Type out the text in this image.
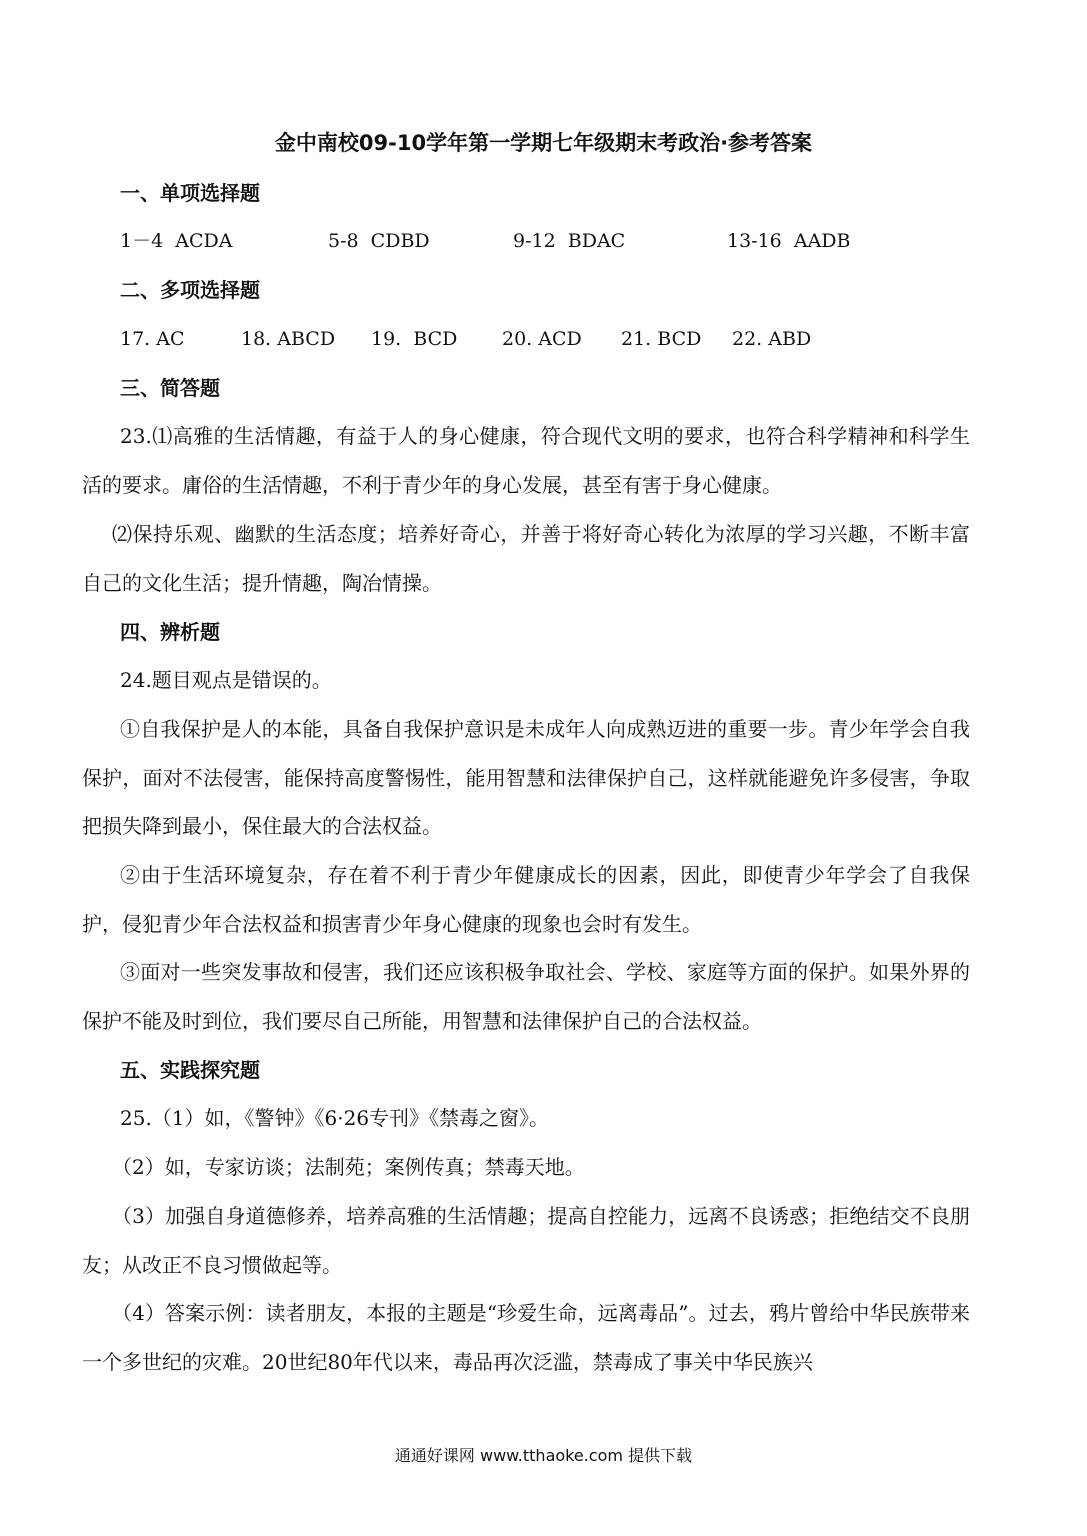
金中南校09-10学年第一学期七年级期末考政治·参考答案
一、单项选择题

1－4  ACDA

	5-8  CDBD

	9-12  BDAC

	13-16  AADB

二、多项选择题

17. AC

	18. ABCD

19.  BCD

20. ACD

21. BCD

22. ABD

三、简答题

23.⑴高雅的生活情趣，有益于人的身心健康，符合现代文明的要求，也符合科学精神和科学生活的要求。庸俗的生活情趣，不利于青少年的身心发展，甚至有害于身心健康。

⑵保持乐观、幽默的生活态度；培养好奇心，并善于将好奇心转化为浓厚的学习兴趣，不断丰富自己的文化生活；提升情趣，陶冶情操。

四、辨析题

24.题目观点是错误的。

①自我保护是人的本能，具备自我保护意识是未成年人向成熟迈进的重要一步。青少年学会自我保护，面对不法侵害，能保持高度警惕性，能用智慧和法律保护自己，这样就能避免许多侵害，争取把损失降到最小，保住最大的合法权益。

②由于生活环境复杂，存在着不利于青少年健康成长的因素，因此，即使青少年学会了自我保护，侵犯青少年合法权益和损害青少年身心健康的现象也会时有发生。

③面对一些突发事故和侵害，我们还应该积极争取社会、学校、家庭等方面的保护。如果外界的保护不能及时到位，我们要尽自己所能，用智慧和法律保护自己的合法权益。

五、实践探究题

25.（1）如，《警钟》《6·26专刊》《禁毒之窗》。

（2）如，专家访谈；法制苑；案例传真；禁毒天地。

（3）加强自身道德修养，培养高雅的生活情趣；提高自控能力，远离不良诱惑；拒绝结交不良朋友；从改正不良习惯做起等。

（4）答案示例：读者朋友，本报的主题是“珍爱生命，远离毒品”。过去，鸦片曾给中华民族带来一个多世纪的灾难。20世纪80年代以来，毒品再次泛滥，禁毒成了事关中华民族兴

通通好课网 www.tthaoke.com 提供下载
